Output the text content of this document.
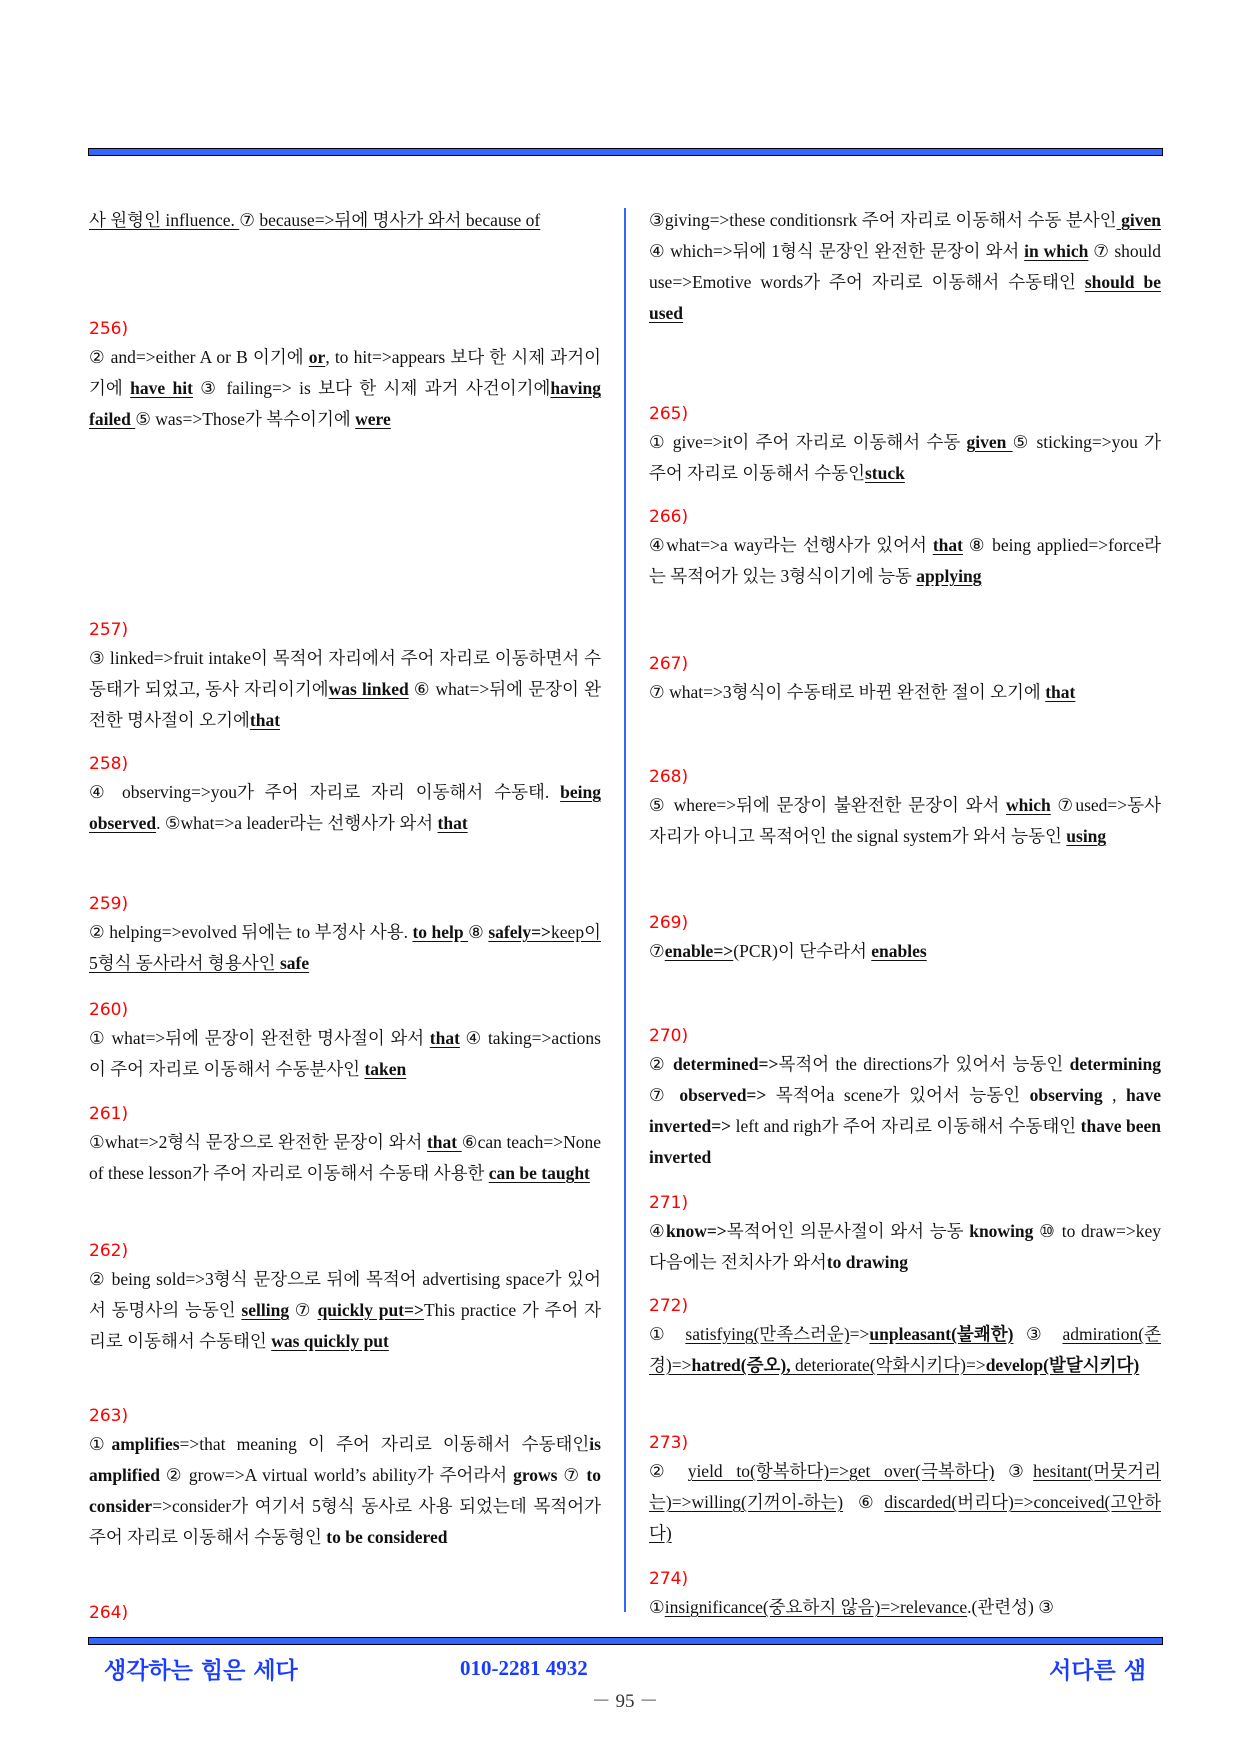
사 원형인 influence. ⑦ because=>뒤에 명사가 와서 because of
256)
② and=>either A or B 이기에 or, to hit=>appears 보다 한 시제 과거이기에 have hit ③ failing=> is 보다 한 시제 과거 사건이기에having failed ⑤ was=>Those가 복수이기에 were
257)
③ linked=>fruit intake이 목적어 자리에서 주어 자리로 이동하면서 수동태가 되었고, 동사 자리이기에was linked ⑥ what=>뒤에 문장이 완전한 명사절이 오기에that
258)
④ observing=>you가 주어 자리로 자리 이동해서 수동태. being observed. ⑤what=>a leader라는 선행사가 와서 that
259)
② helping=>evolved 뒤에는 to 부정사 사용. to help ⑧ safely=>keep이 5형식 동사라서 형용사인 safe
260)
① what=>뒤에 문장이 완전한 명사절이 와서 that ④ taking=>actions이 주어 자리로 이동해서 수동분사인 taken
261)
①what=>2형식 문장으로 완전한 문장이 와서 that ⑥can teach=>None of these lesson가 주어 자리로 이동해서 수동태 사용한 can be taught
262)
② being sold=>3형식 문장으로 뒤에 목적어 advertising space가 있어서 동명사의 능동인 selling ⑦ quickly put=>This practice 가 주어 자리로 이동해서 수동태인 was quickly put
263)
①amplifies=>that meaning 이 주어 자리로 이동해서 수동태인is amplified ② grow=>A virtual world’s ability가 주어라서 grows ⑦ to consider=>consider가 여기서 5형식 동사로 사용 되었는데 목적어가 주어 자리로 이동해서 수동형인 to be considered
264)
③giving=>these conditionsrk 주어 자리로 이동해서 수동 분사인 given ④ which=>뒤에 1형식 문장인 완전한 문장이 와서 in which ⑦ should use=>Emotive words가 주어 자리로 이동해서 수동태인 should be used
265)
① give=>it이 주어 자리로 이동해서 수동 given ⑤ sticking=>you 가 주어 자리로 이동해서 수동인stuck
266)
④what=>a way라는 선행사가 있어서 that ⑧ being applied=>force라는 목적어가 있는 3형식이기에 능동 applying
267)
⑦ what=>3형식이 수동태로 바뀐 완전한 절이 오기에 that
268)
⑤ where=>뒤에 문장이 불완전한 문장이 와서 which ⑦used=>동사 자리가 아니고 목적어인 the signal system가 와서 능동인 using
269)
⑦enable=>(PCR)이 단수라서 enables
270)
② determined=>목적어 the directions가 있어서 능동인 determining ⑦ observed=> 목적어a scene가 있어서 능동인 observing , have inverted=> left and righ가 주어 자리로 이동해서 수동태인 thave been inverted
271)
④know=>목적어인 의문사절이 와서 능동 knowing ⑩ to draw=>key 다음에는 전치사가 와서to drawing
272)
① satisfying(만족스러운)=>unpleasant(불쾌한) ③ admiration(존경)=>hatred(증오), deteriorate(악화시키다)=>develop(발달시키다)
273)
② yield to(항복하다)=>get over(극복하다) ③hesitant(머뭇거리는)=>willing(기꺼이-하는) ⑥discarded(버리다)=>conceived(고안하다)
274)
①insignificance(중요하지 않음)=>relevance.(관련성) ③
생각하는 힘은 세다	010-2281 4932	서다른 샘
－ 95 －
